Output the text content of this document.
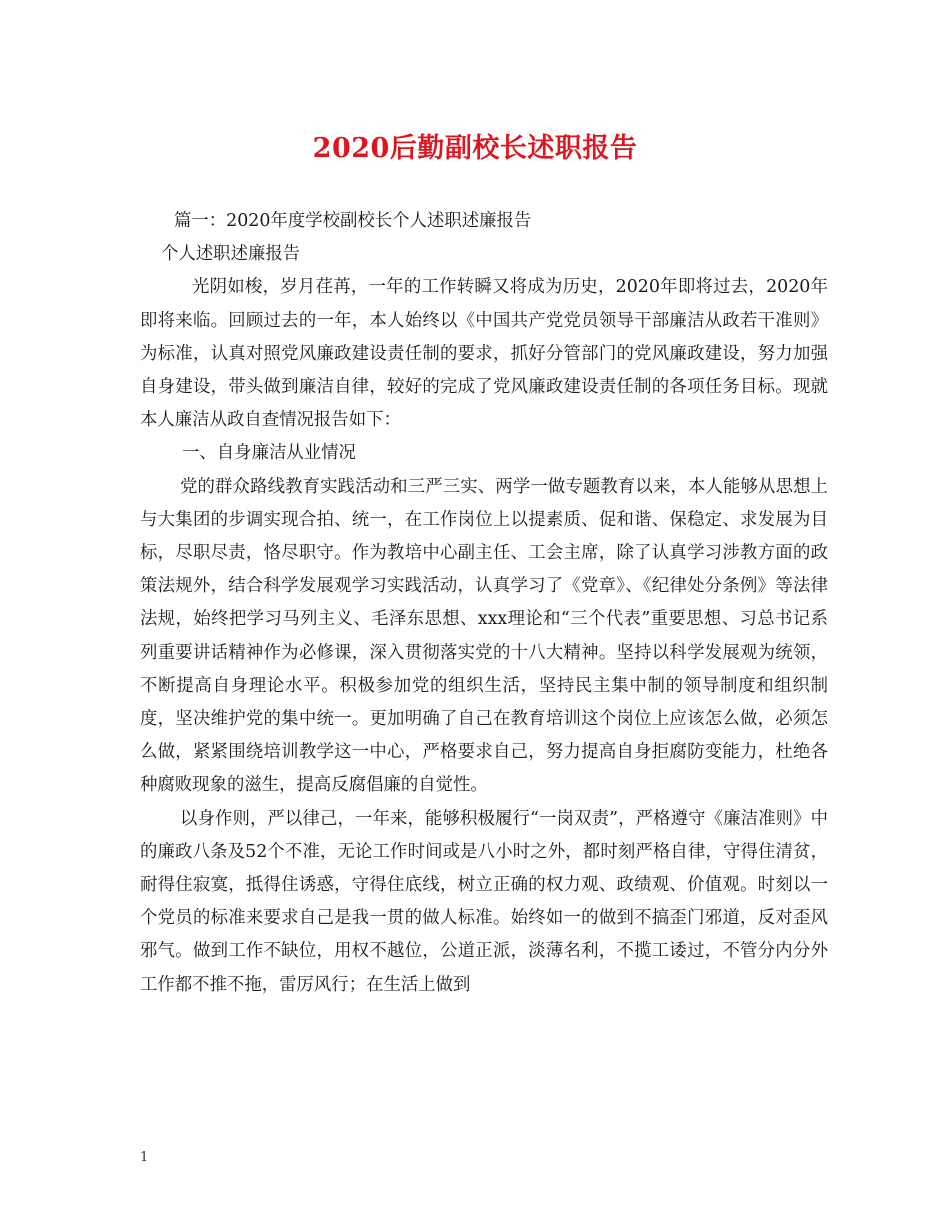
2020后勤副校长述职报告

篇一：2020年度学校副校长个人述职述廉报告

个人述职述廉报告

光阴如梭，岁月荏苒，一年的工作转瞬又将成为历史，2020年即将过去，2020年即将来临。回顾过去的一年，本人始终以《中国共产党党员领导干部廉洁从政若干准则》为标准，认真对照党风廉政建设责任制的要求，抓好分管部门的党风廉政建设，努力加强自身建设，带头做到廉洁自律，较好的完成了党风廉政建设责任制的各项任务目标。现就本人廉洁从政自查情况报告如下：

一、自身廉洁从业情况

党的群众路线教育实践活动和三严三实、两学一做专题教育以来，本人能够从思想上与大集团的步调实现合拍、统一，在工作岗位上以提素质、促和谐、保稳定、求发展为目标，尽职尽责，恪尽职守。作为教培中心副主任、工会主席，除了认真学习涉教方面的政策法规外，结合科学发展观学习实践活动，认真学习了《党章》、《纪律处分条例》等法律法规，始终把学习马列主义、毛泽东思想、xxx理论和“三个代表”重要思想、习总书记系列重要讲话精神作为必修课，深入贯彻落实党的十八大精神。坚持以科学发展观为统领，不断提高自身理论水平。积极参加党的组织生活，坚持民主集中制的领导制度和组织制度，坚决维护党的集中统一。更加明确了自己在教育培训这个岗位上应该怎么做，必须怎么做，紧紧围绕培训教学这一中心，严格要求自己，努力提高自身拒腐防变能力，杜绝各种腐败现象的滋生，提高反腐倡廉的自觉性。

以身作则，严以律己，一年来，能够积极履行“一岗双责”，严格遵守《廉洁准则》中的廉政八条及52个不准，无论工作时间或是八小时之外，都时刻严格自律，守得住清贫，耐得住寂寞，抵得住诱惑，守得住底线，树立正确的权力观、政绩观、价值观。时刻以一个党员的标准来要求自己是我一贯的做人标准。始终如一的做到不搞歪门邪道，反对歪风邪气。做到工作不缺位，用权不越位，公道正派，淡薄名利，不揽工诿过，不管分内分外工作都不推不拖，雷厉风行；在生活上做到

1
